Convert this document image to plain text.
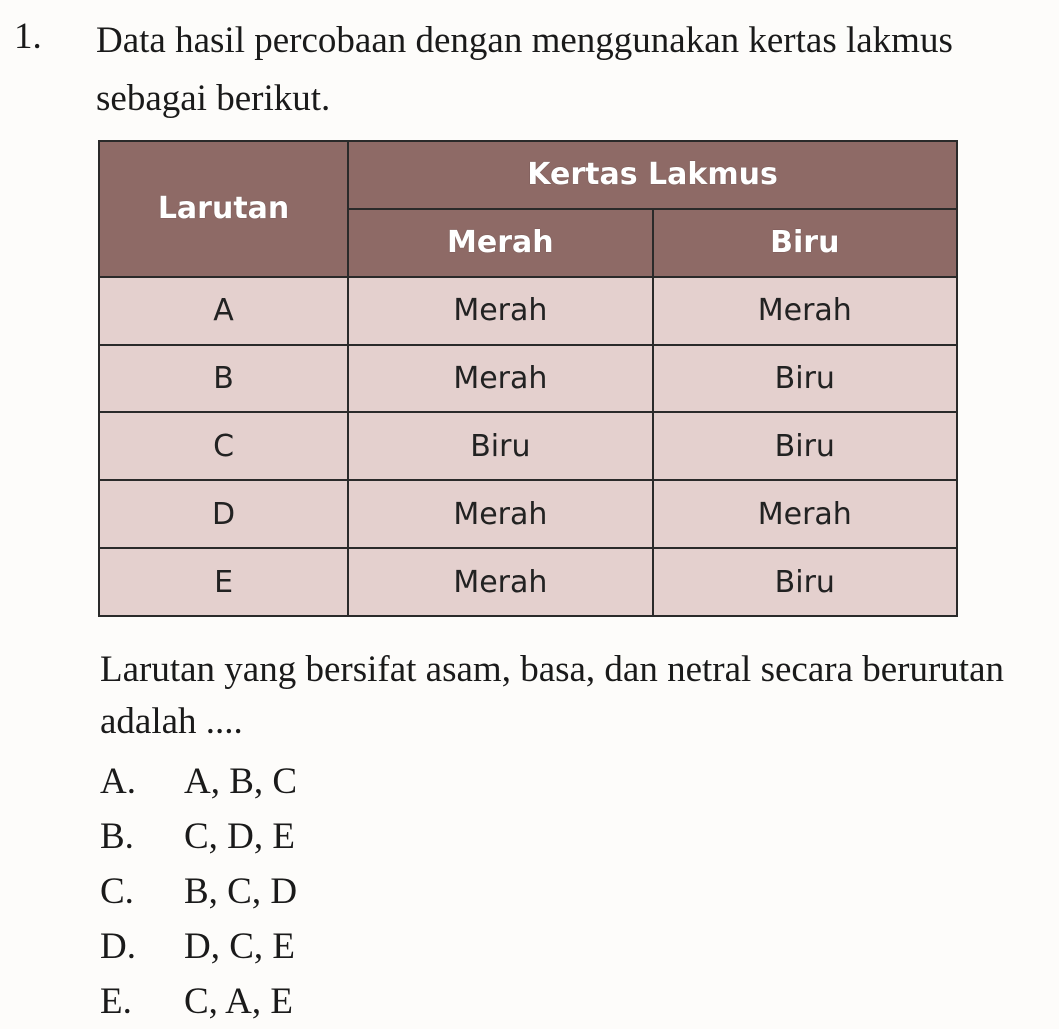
1. Data hasil percobaan dengan menggunakan kertas lakmus sebagai berikut.
Larutan	Kertas Lakmus	
	Merah	Biru
A	Merah	Merah
B	Merah	Biru
C	Biru	Biru
D	Merah	Merah
E	Merah	Biru
Larutan yang bersifat asam, basa, dan netral secara berurutan adalah ....
A.	A, B, C
B.	C, D, E
C.	B, C, D
D.	D, C, E
E.	C, A, E
